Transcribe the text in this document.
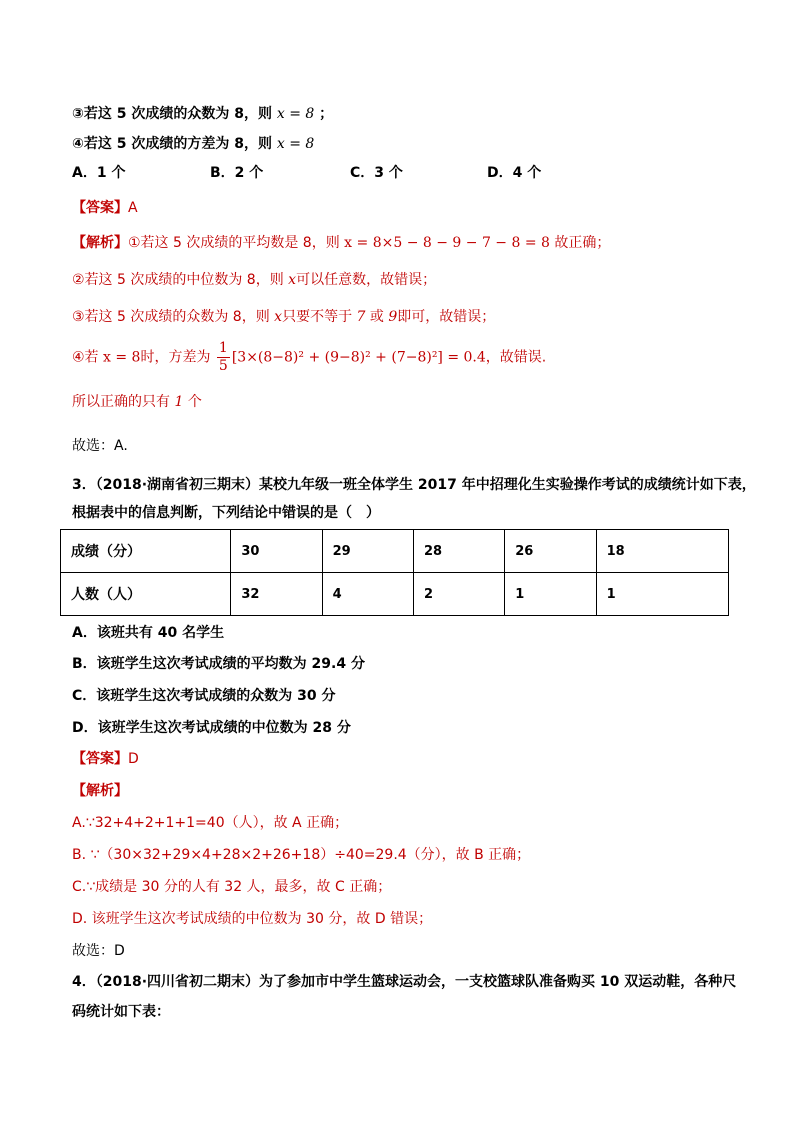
③若这 5 次成绩的众数为 8，则 x = 8 ；
④若这 5 次成绩的方差为 8，则 x = 8
A．1 个	B．2 个	C．3 个	D．4 个
【答案】A
【解析】①若这 5 次成绩的平均数是 8，则 x = 8×5 − 8 − 9 − 7 − 8 = 8 故正确；
②若这 5 次成绩的中位数为 8，则 x可以任意数，故错误；
③若这 5 次成绩的众数为 8，则 x只要不等于 7 或 9即可，故错误；
④若 x = 8时，方差为 $\frac{1}{5} [3\times(8-8)^2 + (9-8)^2 + (7-8)^2] = 0.4$，故错误.
所以正确的只有 1 个
故选：A.
3．（2018·湖南省初三期末）某校九年级一班全体学生 2017 年中招理化生实验操作考试的成绩统计如下表，
根据表中的信息判断，下列结论中错误的是（　）
成绩（分）	30	29	28	26	18
人数（人）	32	4	2	1	1
A．该班共有 40 名学生
B．该班学生这次考试成绩的平均数为 29.4 分
C．该班学生这次考试成绩的众数为 30 分
D．该班学生这次考试成绩的中位数为 28 分
【答案】D
【解析】
A.∵32+4+2+1+1=40（人），故 A 正确；
B. ∵（30×32+29×4+28×2+26+18）÷40=29.4（分），故 B 正确；
C.∵成绩是 30 分的人有 32 人，最多，故 C 正确；
D. 该班学生这次考试成绩的中位数为 30 分，故 D 错误；
故选：D
4．（2018·四川省初二期末）为了参加市中学生篮球运动会，一支校篮球队准备购买 10 双运动鞋，各种尺
码统计如下表：
